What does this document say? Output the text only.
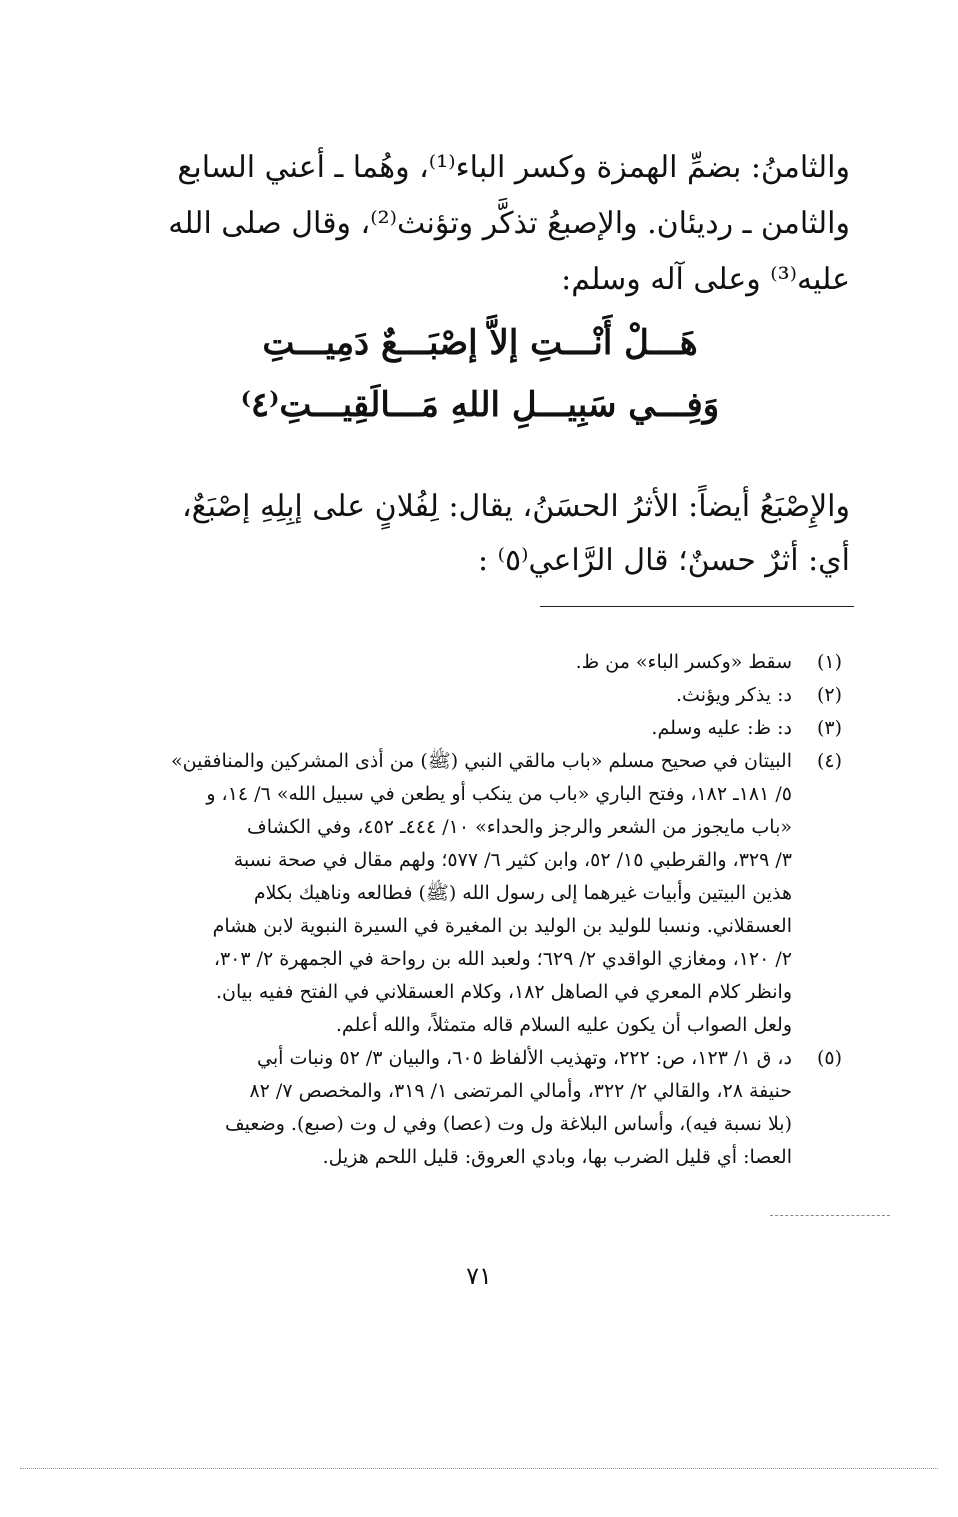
والثامنُ: بضمِّ الهمزة وكسر الباء⁽¹⁾، وهُما ـ أعني السابع

والثامن ـ رديئان. والإصبعُ تذكَّر وتؤنث⁽²⁾، وقال صلى الله

عليه⁽³⁾ وعلى آله وسلم:

هَـــلْ أَنْـــتِ إلاَّ إصْبَـــعٌ دَمِيـــتِ
وَفِـــي سَبِيـــلِ اللهِ مَـــالَقِيـــتِ⁽٤⁾
والإِصْبَعُ أيضاً: الأثرُ الحسَنُ، يقال: لِفُلانٍ على إبِلِهِ إصْبَعٌ،
أي: أثرٌ حسنٌ؛ قال الرَّاعي⁽٥⁾ :
(١)
سقط «وكسر الباء» من ظ.
(٢)
د: يذكر ويؤنث.
(٣)
د: ظ: عليه وسلم.
(٤)
البيتان في صحيح مسلم «باب مالقي النبي (ﷺ) من أذى المشركين والمنافقين»
٥/ ١٨١ـ ١٨٢، وفتح الباري «باب من ينكب أو يطعن في سبيل الله» ٦/ ١٤، و
«باب مايجوز من الشعر والرجز والحداء» ١٠/ ٤٤٤ـ ٤٥٢، وفي الكشاف
٣/ ٣٢٩، والقرطبي ١٥/ ٥٢، وابن كثير ٦/ ٥٧٧؛ ولهم مقال في صحة نسبة
هذين البيتين وأبيات غيرهما إلى رسول الله (ﷺ) فطالعه وناهيك بكلام
العسقلاني. ونسبا للوليد بن الوليد بن المغيرة في السيرة النبوية لابن هشام
٢/ ١٢٠، ومغازي الواقدي ٢/ ٦٢٩؛ ولعبد الله بن رواحة في الجمهرة ٢/ ٣٠٣،
وانظر كلام المعري في الصاهل ١٨٢، وكلام العسقلاني في الفتح ففيه بيان.
ولعل الصواب أن يكون عليه السلام قاله متمثلاً، والله أعلم.
(٥)
د، ق ١/ ١٢٣، ص: ٢٢٢، وتهذيب الألفاظ ٦٠٥، والبيان ٣/ ٥٢ ونبات أبي
حنيفة ٢٨، والقالي ٢/ ٣٢٢، وأمالي المرتضى ١/ ٣١٩، والمخصص ٧/ ٨٢
(بلا نسبة فيه)، وأساس البلاغة ول وت (عصا) وفي ل وت (صبع). وضعيف
العصا: أي قليل الضرب بها، وبادي العروق: قليل اللحم هزيل.
٧١
